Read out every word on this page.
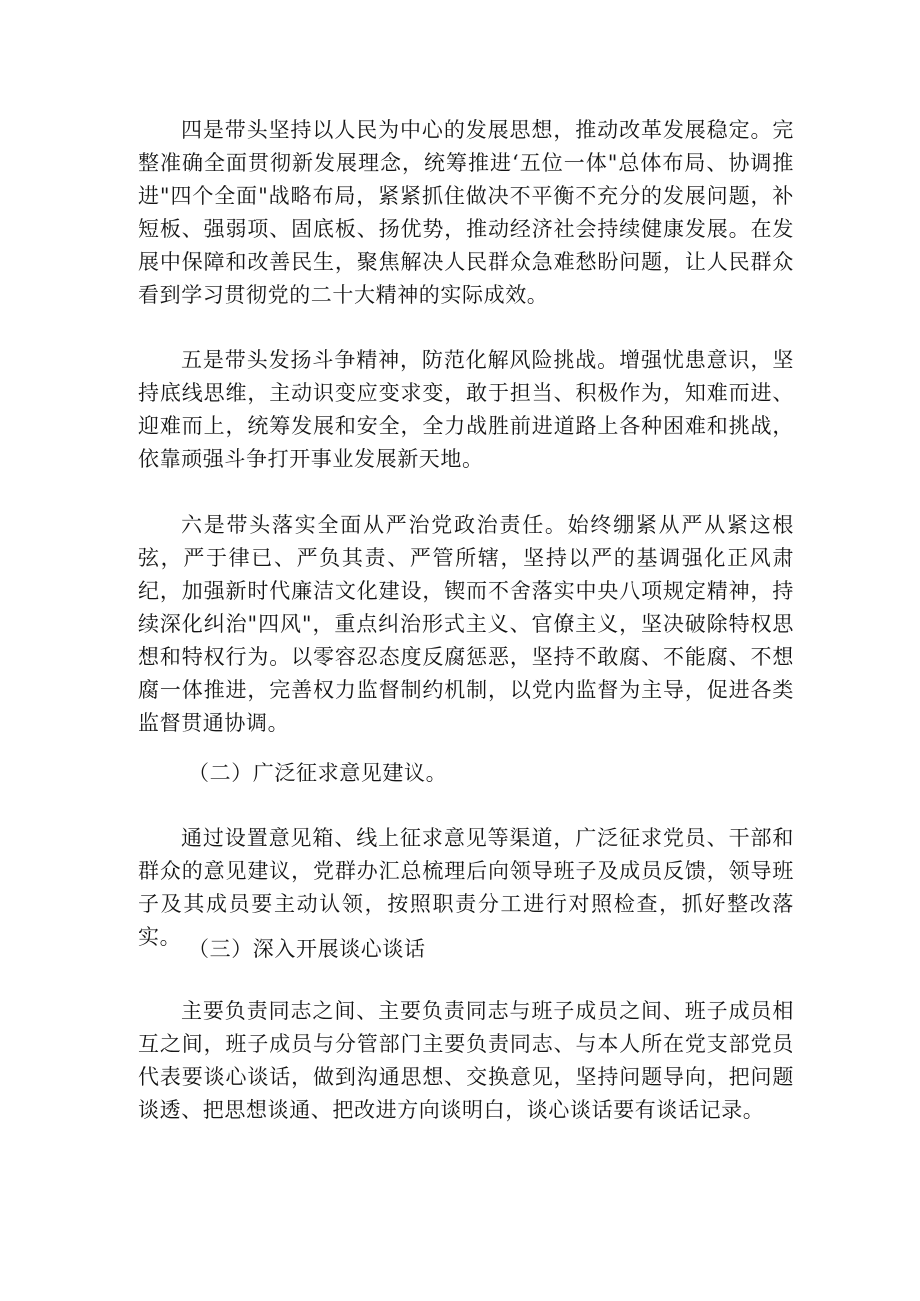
四是带头坚持以人民为中心的发展思想，推动改革发展稳定。完整准确全面贯彻新发展理念，统筹推进‘五位一体"总体布局、协调推进"四个全面"战略布局，紧紧抓住做决不平衡不充分的发展问题，补短板、强弱项、固底板、扬优势，推动经济社会持续健康发展。在发展中保障和改善民生，聚焦解决人民群众急难愁盼问题，让人民群众看到学习贯彻党的二十大精神的实际成效。

五是带头发扬斗争精神，防范化解风险挑战。增强忧患意识，坚持底线思维，主动识变应变求变，敢于担当、积极作为，知难而进、迎难而上，统筹发展和安全，全力战胜前进道路上各种困难和挑战，依靠顽强斗争打开事业发展新天地。

六是带头落实全面从严治党政治责任。始终绷紧从严从紧这根弦，严于律已、严负其责、严管所辖，坚持以严的基调强化正风肃纪，加强新时代廉洁文化建设，锲而不舍落实中央八项规定精神，持续深化纠治"四风"，重点纠治形式主义、官僚主义，坚决破除特权思想和特权行为。以零容忍态度反腐惩恶，坚持不敢腐、不能腐、不想腐一体推进，完善权力监督制约机制，以党内监督为主导，促进各类监督贯通协调。

（二）广泛征求意见建议。

通过设置意见箱、线上征求意见等渠道，广泛征求党员、干部和群众的意见建议，党群办汇总梳理后向领导班子及成员反馈，领导班子及其成员要主动认领，按照职责分工进行对照检查，抓好整改落实。 （三）深入开展谈心谈话

主要负责同志之间、主要负责同志与班子成员之间、班子成员相互之间，班子成员与分管部门主要负责同志、与本人所在党支部党员代表要谈心谈话，做到沟通思想、交换意见，坚持问题导向，把问题谈透、把思想谈通、把改进方向谈明白，谈心谈话要有谈话记录。
